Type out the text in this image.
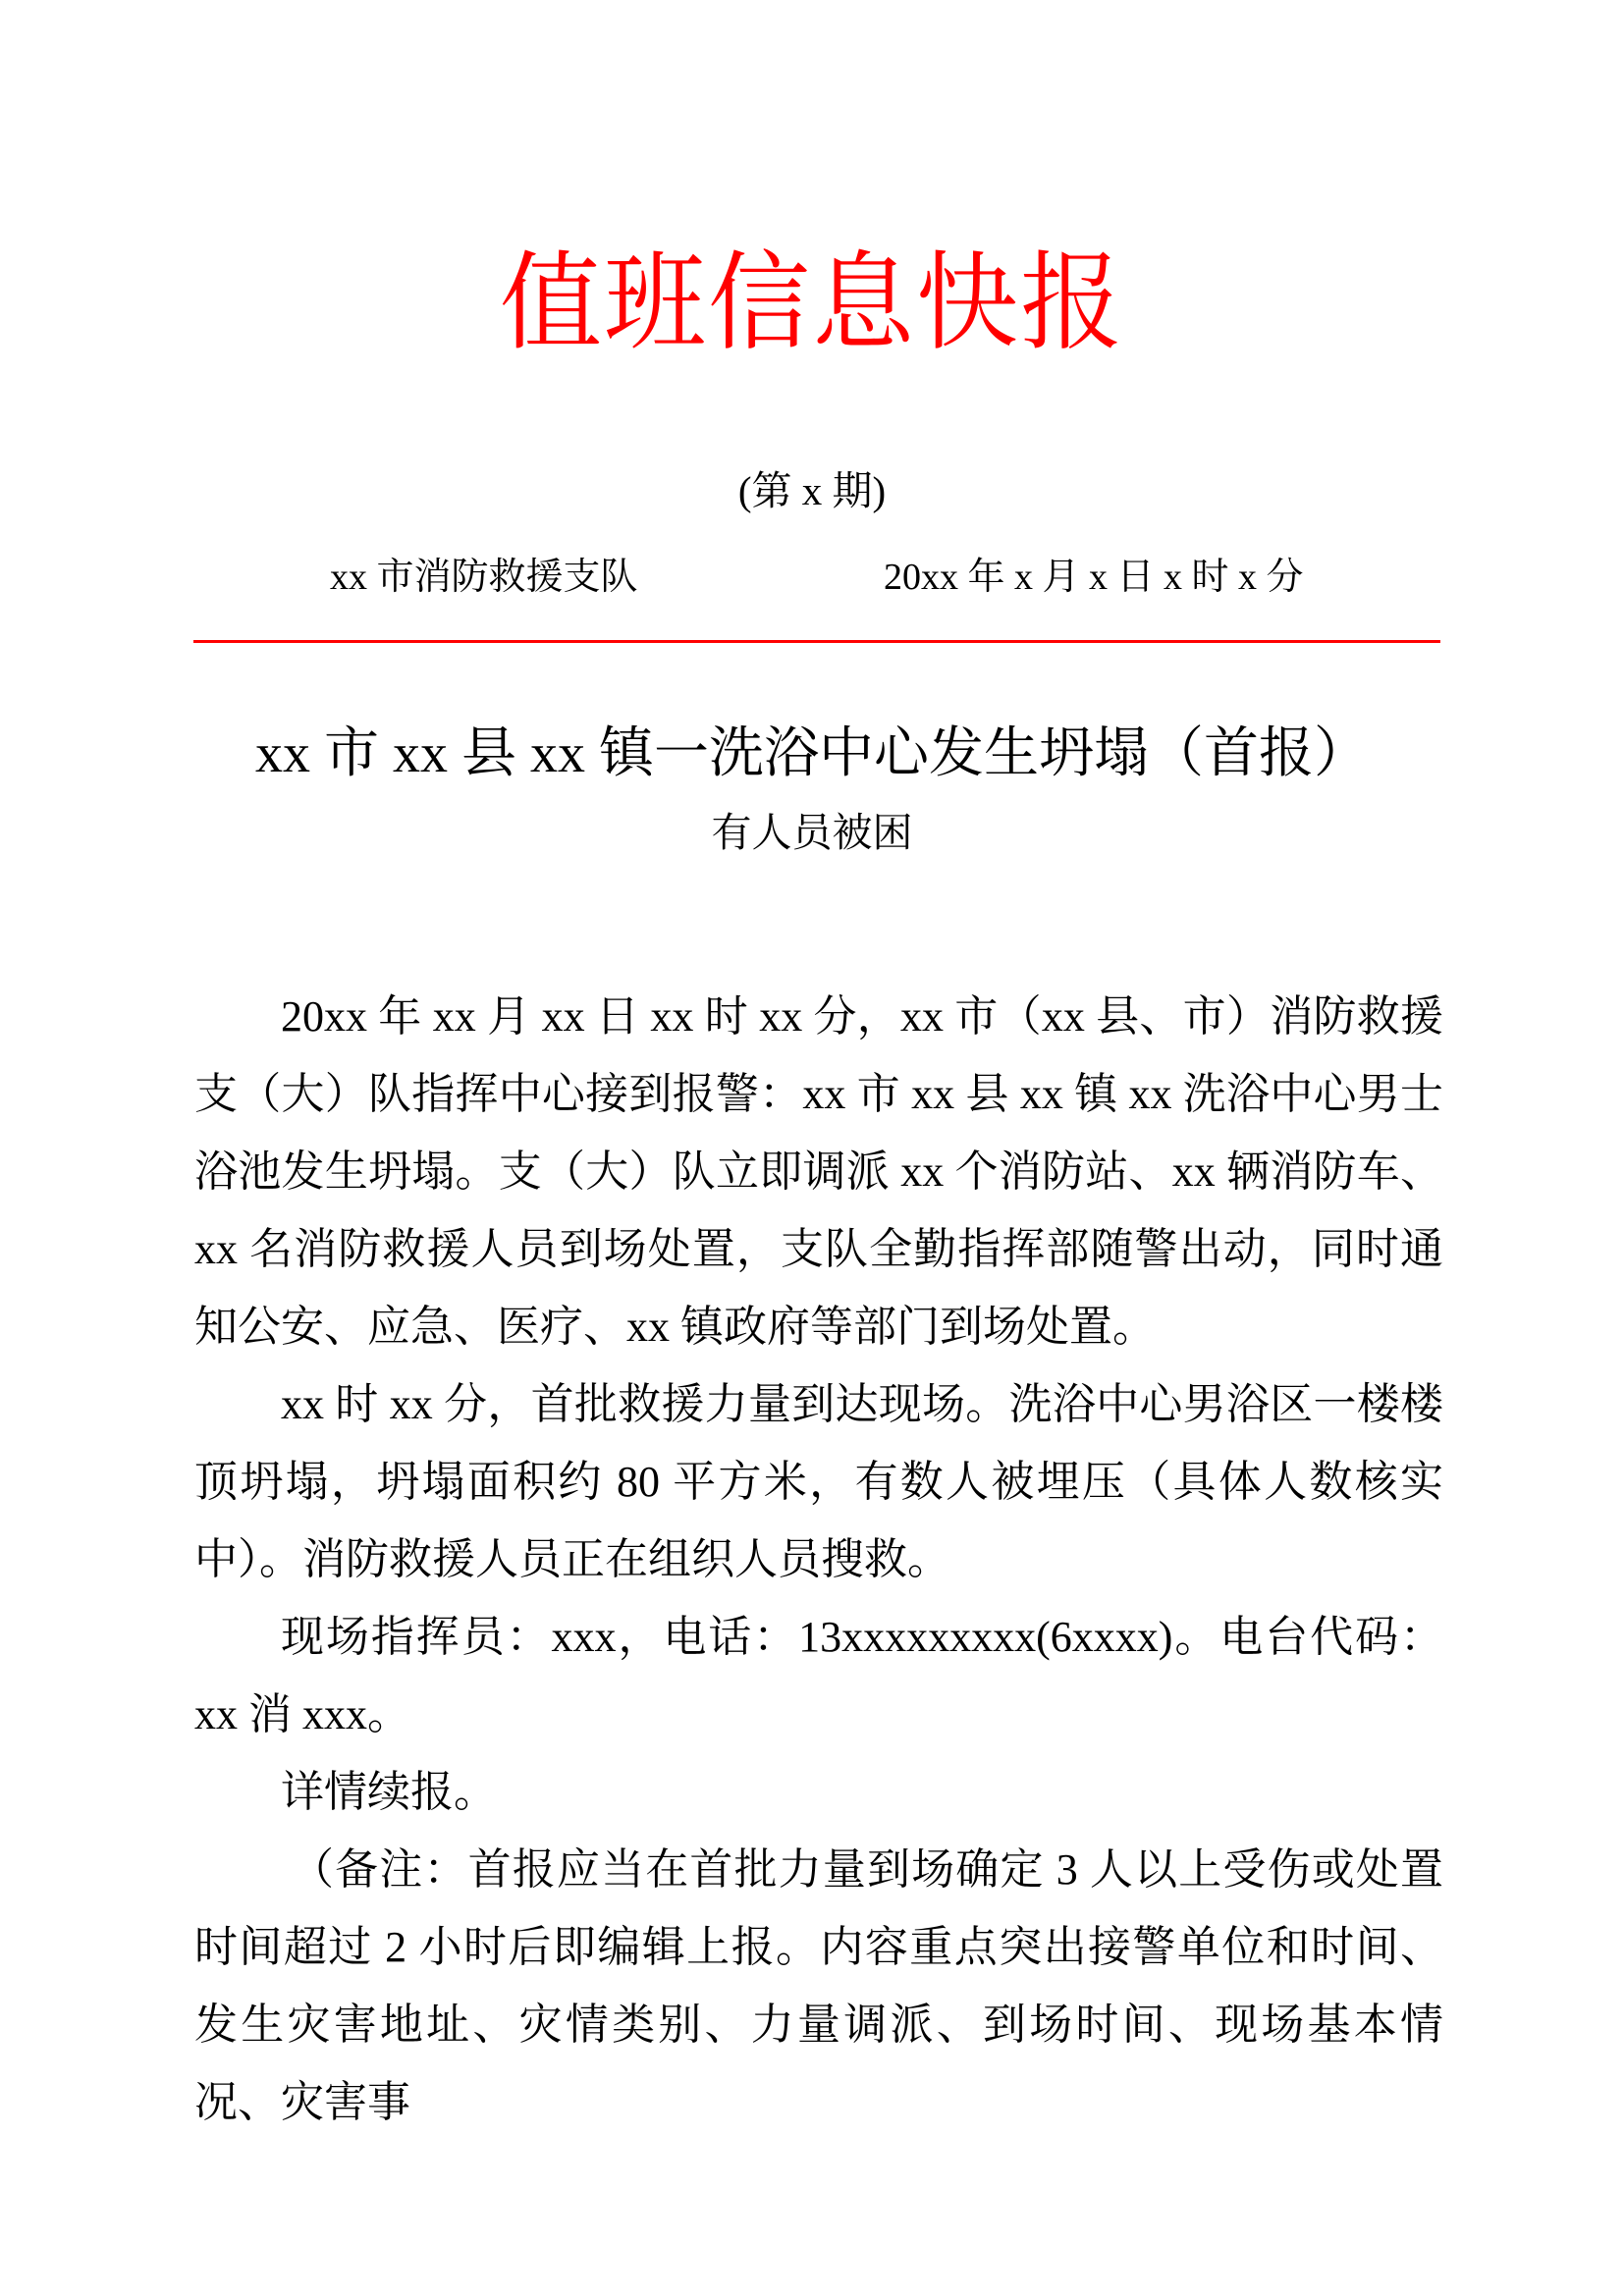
值班信息快报
(第 x 期)
xx 市消防救援支队	20xx 年 x 月 x 日 x 时 x 分
xx 市 xx 县 xx 镇一洗浴中心发生坍塌（首报）
有人员被困

20xx 年 xx 月 xx 日 xx 时 xx 分，xx 市（xx 县、市）消防救援支（大）队指挥中心接到报警：xx 市 xx 县 xx 镇 xx 洗浴中心男士浴池发生坍塌。支（大）队立即调派 xx 个消防站、xx 辆消防车、xx 名消防救援人员到场处置，支队全勤指挥部随警出动，同时通知公安、应急、医疗、xx 镇政府等部门到场处置。

xx 时 xx 分，首批救援力量到达现场。洗浴中心男浴区一楼楼顶坍塌，坍塌面积约 80 平方米，有数人被埋压（具体人数核实中）。消防救援人员正在组织人员搜救。

现场指挥员：xxx，电话：13xxxxxxxxx(6xxxx)。电台代码：xx 消 xxx。

详情续报。

（备注：首报应当在首批力量到场确定 3 人以上受伤或处置时间超过 2 小时后即编辑上报。内容重点突出接警单位和时间、发生灾害地址、灾情类别、力量调派、到场时间、现场基本情况、灾害事
